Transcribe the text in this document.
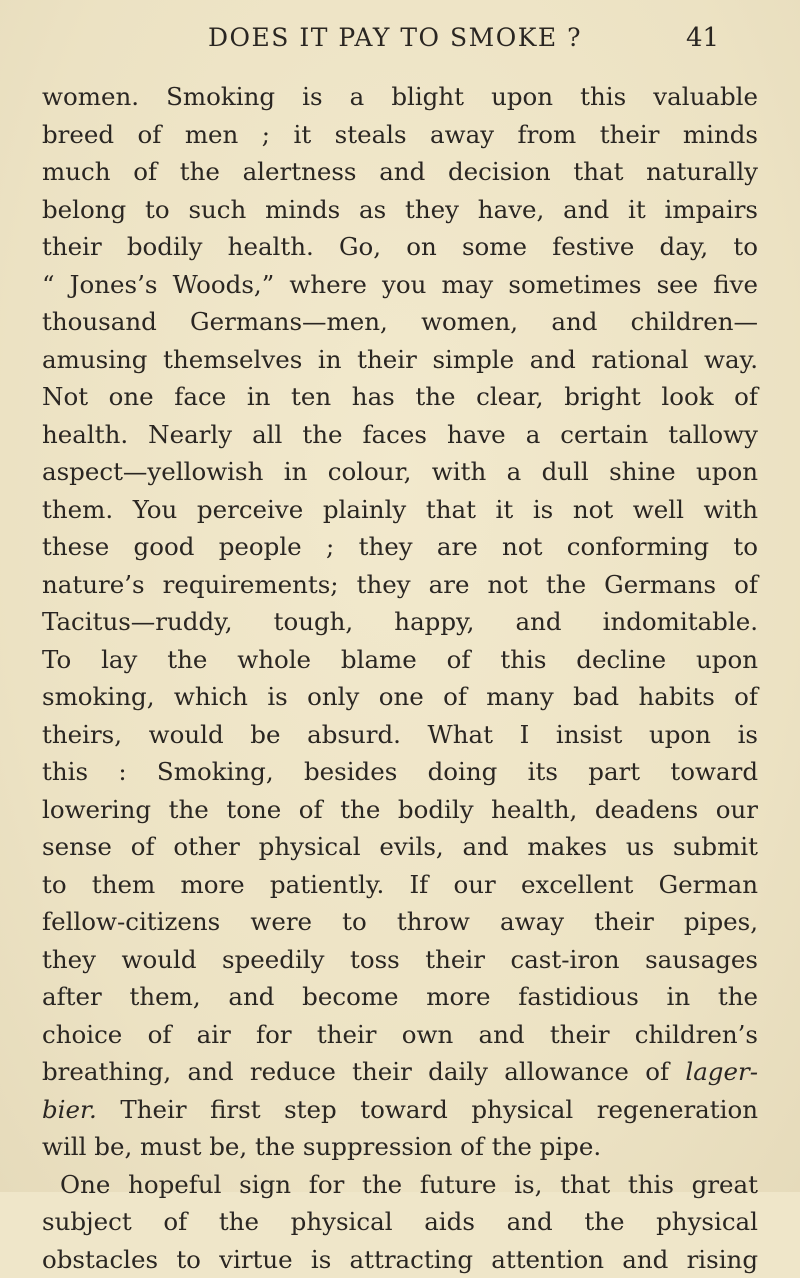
DOES IT PAY TO SMOKE ?	41
women. Smoking is a blight upon this valuable
breed of men ; it steals away from their minds
much of the alertness and decision that naturally
belong to such minds as they have, and it impairs
their bodily health. Go, on some festive day, to
“ Jones’s Woods,” where you may sometimes see five
thousand Germans—men, women, and children—
amusing themselves in their simple and rational way.
Not one face in ten has the clear, bright look of
health. Nearly all the faces have a certain tallowy
aspect—yellowish in colour, with a dull shine upon
them. You perceive plainly that it is not well with
these good people ; they are not conforming to
nature’s requirements; they are not the Germans of
Tacitus—ruddy, tough, happy, and indomitable.
To lay the whole blame of this decline upon
smoking, which is only one of many bad habits of
theirs, would be absurd. What I insist upon is
this : Smoking, besides doing its part toward
lowering the tone of the bodily health, deadens our
sense of other physical evils, and makes us submit
to them more patiently. If our excellent German
fellow-citizens were to throw away their pipes,
they would speedily toss their cast-iron sausages
after them, and become more fastidious in the
choice of air for their own and their children’s
breathing, and reduce their daily allowance of lager-
bier. Their first step toward physical regeneration
will be, must be, the suppression of the pipe.
One hopeful sign for the future is, that this great
subject of the physical aids and the physical
obstacles to virtue is attracting attention and rising
